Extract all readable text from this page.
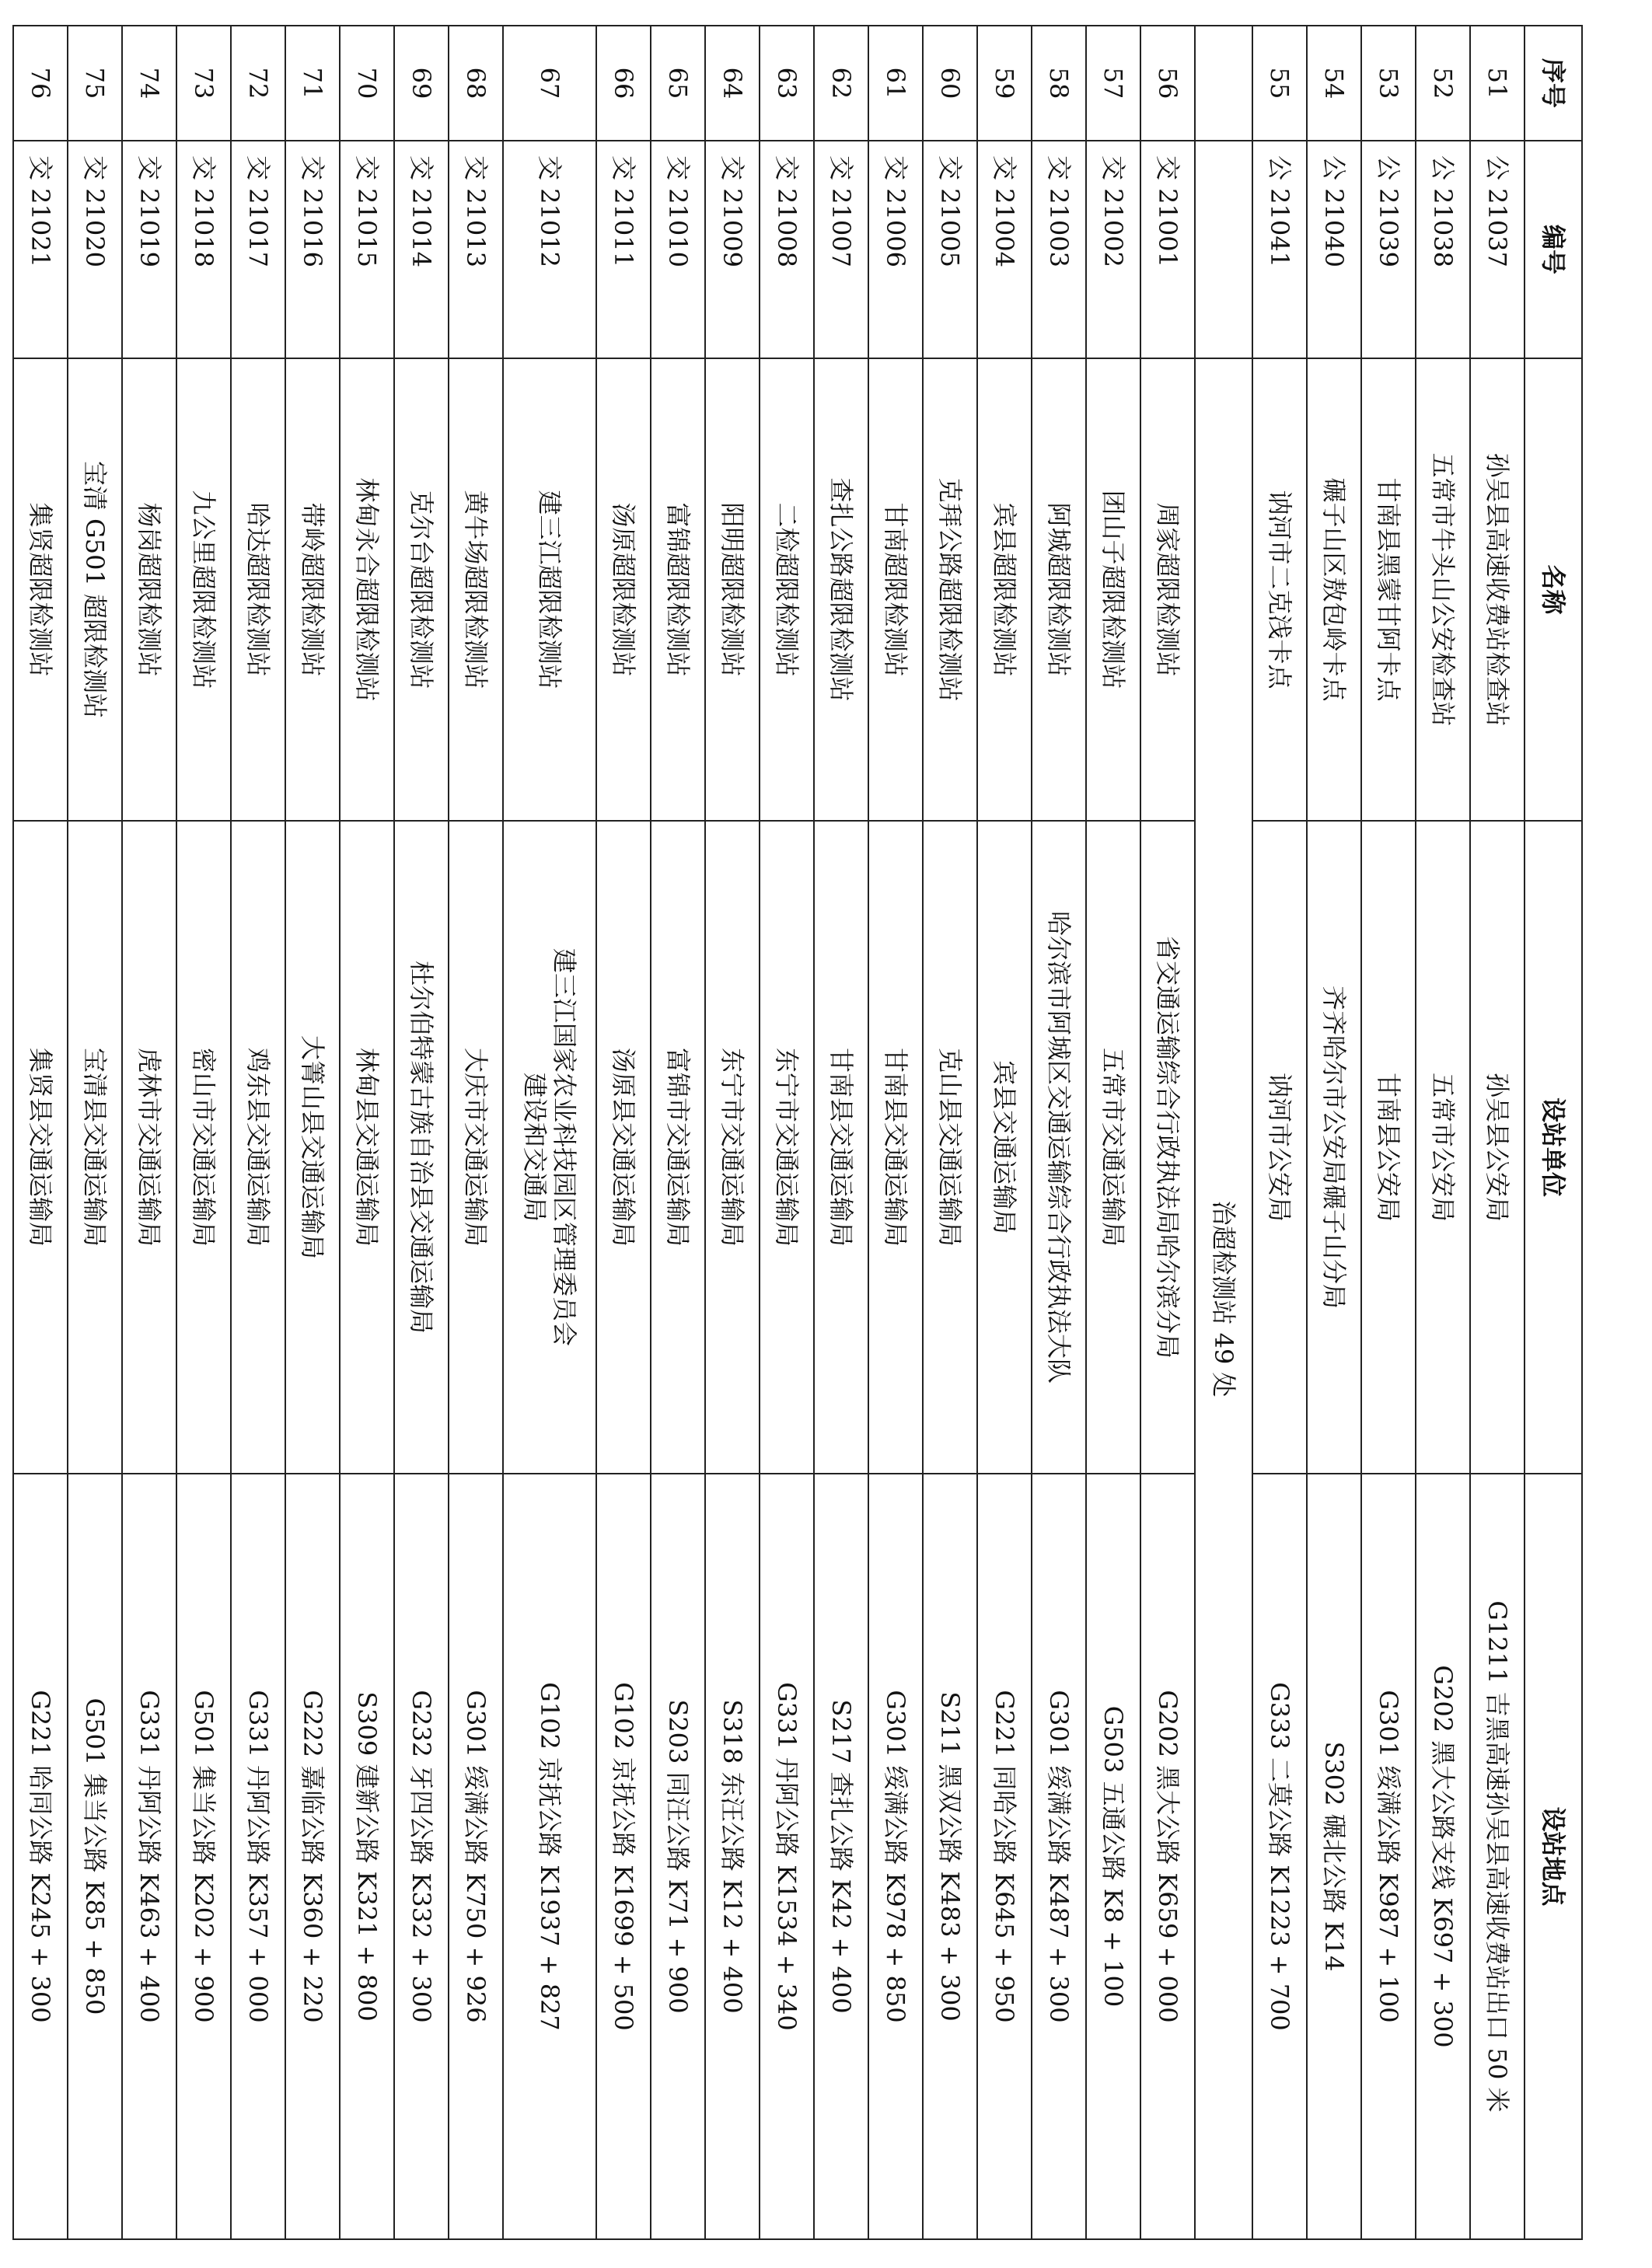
序号	编号	名称	设站单位	设站地点
51	公 21037	孙吴县高速收费站检查站	孙吴县公安局	G1211 吉黑高速孙吴县高速收费站出口 50 米
52	公 21038	五常市牛头山公安检查站	五常市公安局	G202 黑大公路支线 K697 + 300
53	公 21039	甘南县黑蒙甘阿卡点	甘南县公安局	G301 绥满公路 K987 + 100
54	公 21040	碾子山区敖包岭卡点	齐齐哈尔市公安局碾子山分局	S302 碾北公路 K14
55	公 21041	讷河市二克浅卡点	讷河市公安局	G333 二莫公路 K1223 + 700
		治超检测站 49 处		
56	交 21001	周家超限检测站	省交通运输综合行政执法局哈尔滨分局	G202 黑大公路 K659 + 000
57	交 21002	团山子超限检测站	五常市交通运输局	G503 五通公路 K8 + 100
58	交 21003	阿城超限检测站	哈尔滨市阿城区交通运输综合行政执法大队	G301 绥满公路 K487 + 300
59	交 21004	宾县超限检测站	宾县交通运输局	G221 同哈公路 K645 + 950
60	交 21005	克拜公路超限检测站	克山县交通运输局	S211 黑双公路 K483 + 300
61	交 21006	甘南超限检测站	甘南县交通运输局	G301 绥满公路 K978 + 850
62	交 21007	查扎公路超限检测站	甘南县交通运输局	S217 查扎公路 K42 + 400
63	交 21008	二检超限检测站	东宁市交通运输局	G331 丹阿公路 K1534 + 340
64	交 21009	阳明超限检测站	东宁市交通运输局	S318 东汪公路 K12 + 400
65	交 21010	富锦超限检测站	富锦市交通运输局	S203 同汪公路 K71 + 900
66	交 21011	汤原超限检测站	汤原县交通运输局	G102 京抚公路 K1699 + 500
67	交 21012	建三江超限检测站	建三江国家农业科技园区管理委员会
建设和交通局	G102 京抚公路 K1937 + 827
68	交 21013	黄牛场超限检测站	大庆市交通运输局	G301 绥满公路 K750 + 926
69	交 21014	克尔台超限检测站	杜尔伯特蒙古族自治县交通运输局	G232 牙四公路 K332 + 300
70	交 21015	林甸永合超限检测站	林甸县交通运输局	S309 建新公路 K321 + 800
71	交 21016	带岭超限检测站	大箐山县交通运输局	G222 嘉临公路 K360 + 220
72	交 21017	哈达超限检测站	鸡东县交通运输局	G331 丹阿公路 K357 + 000
73	交 21018	九公里超限检测站	密山市交通运输局	G501 集当公路 K202 + 900
74	交 21019	杨岗超限检测站	虎林市交通运输局	G331 丹阿公路 K463 + 400
75	交 21020	宝清 G501 超限检测站	宝清县交通运输局	G501 集当公路 K85 + 850
76	交 21021	集贤超限检测站	集贤县交通运输局	G221 哈同公路 K245 + 300
